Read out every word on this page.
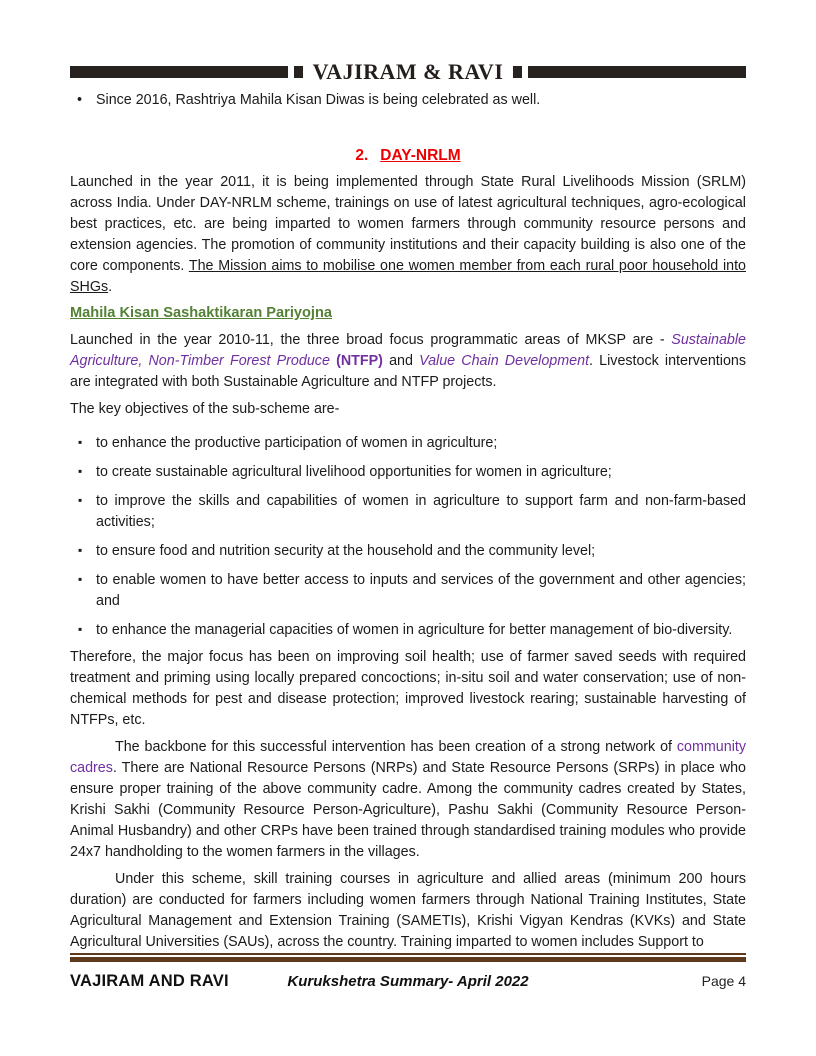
VAJIRAM & RAVI
• Since 2016, Rashtriya Mahila Kisan Diwas is being celebrated as well.
2. DAY-NRLM

Launched in the year 2011, it is being implemented through State Rural Livelihoods Mission (SRLM) across India. Under DAY-NRLM scheme, trainings on use of latest agricultural techniques, agro-ecological best practices, etc. are being imparted to women farmers through community resource persons and extension agencies. The promotion of community institutions and their capacity building is also one of the core components. The Mission aims to mobilise one women member from each rural poor household into SHGs.

Mahila Kisan Sashaktikaran Pariyojna

Launched in the year 2010-11, the three broad focus programmatic areas of MKSP are - Sustainable Agriculture, Non-Timber Forest Produce (NTFP) and Value Chain Development. Livestock interventions are integrated with both Sustainable Agriculture and NTFP projects.

The key objectives of the sub-scheme are-

▪ to enhance the productive participation of women in agriculture;
▪ to create sustainable agricultural livelihood opportunities for women in agriculture;
▪ to improve the skills and capabilities of women in agriculture to support farm and non-farm-based activities;
▪ to ensure food and nutrition security at the household and the community level;
▪ to enable women to have better access to inputs and services of the government and other agencies; and
▪ to enhance the managerial capacities of women in agriculture for better management of bio-diversity.

Therefore, the major focus has been on improving soil health; use of farmer saved seeds with required treatment and priming using locally prepared concoctions; in-situ soil and water conservation; use of non-chemical methods for pest and disease protection; improved livestock rearing; sustainable harvesting of NTFPs, etc.

The backbone for this successful intervention has been creation of a strong network of community cadres. There are National Resource Persons (NRPs) and State Resource Persons (SRPs) in place who ensure proper training of the above community cadre. Among the community cadres created by States, Krishi Sakhi (Community Resource Person-Agriculture), Pashu Sakhi (Community Resource Person-Animal Husbandry) and other CRPs have been trained through standardised training modules who provide 24x7 handholding to the women farmers in the villages.

Under this scheme, skill training courses in agriculture and allied areas (minimum 200 hours duration) are conducted for farmers including women farmers through National Training Institutes, State Agricultural Management and Extension Training (SAMETIs), Krishi Vigyan Kendras (KVKs) and State Agricultural Universities (SAUs), across the country. Training imparted to women includes Support to

VAJIRAM AND RAVI	Kurukshetra Summary- April 2022	Page 4
